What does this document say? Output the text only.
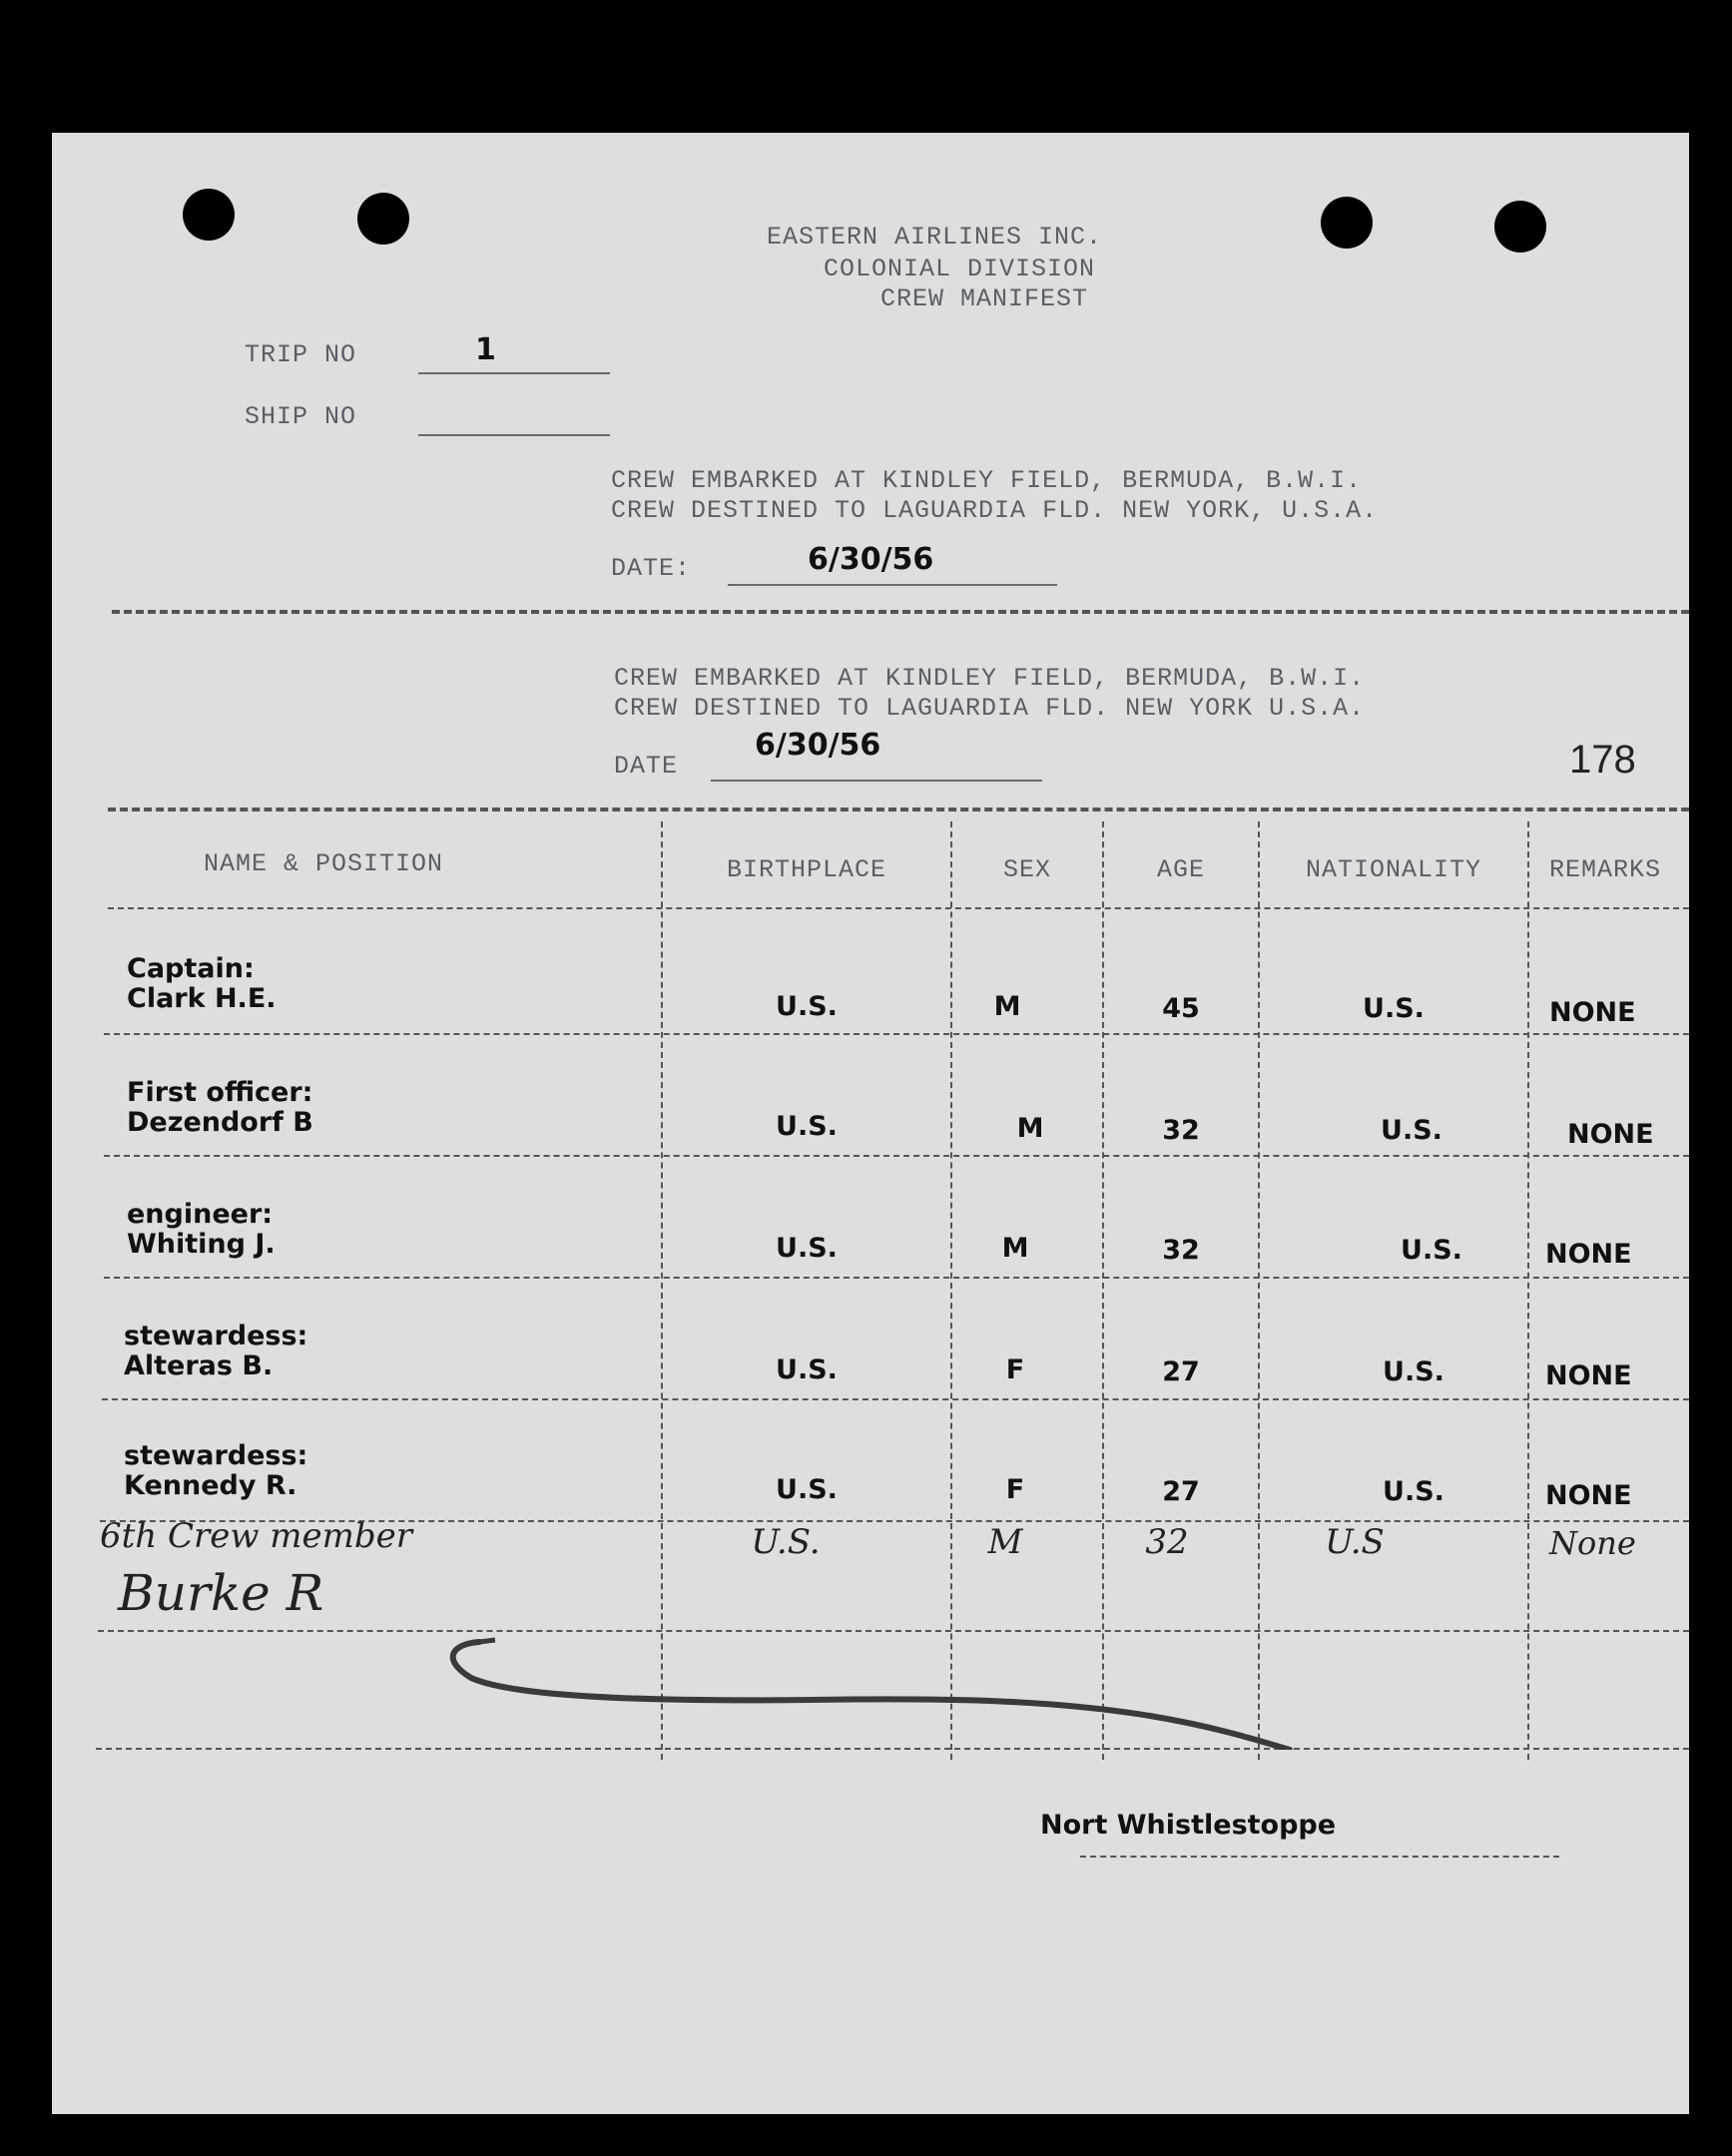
EASTERN AIRLINES INC.
COLONIAL DIVISION
CREW MANIFEST
TRIP NO	1
SHIP NO
CREW EMBARKED AT KINDLEY FIELD, BERMUDA, B.W.I.
CREW DESTINED TO LAGUARDIA FLD. NEW YORK, U.S.A.
DATE:	6/30/56
CREW EMBARKED AT KINDLEY FIELD, BERMUDA, B.W.I.
CREW DESTINED TO LAGUARDIA FLD. NEW YORK U.S.A.
DATE
6/30/56	178
NAME & POSITION	BIRTHPLACE	SEX	AGE	NATIONALITY	REMARKS
Captain:
Clark H.E.	U.S.	M	45	U.S.	NONE
First officer:
Dezendorf B	U.S.	M	32	U.S.	NONE
engineer:
Whiting J.	U.S.	M	32	U.S.	NONE
stewardess:
Alteras B.	U.S.	F	27	U.S.	NONE
stewardess:
Kennedy R.	U.S.	F	27	U.S.	NONE
6th Crew member
Burke R
U.S.	M	32	U.S	None
Nort Whistlestoppe
